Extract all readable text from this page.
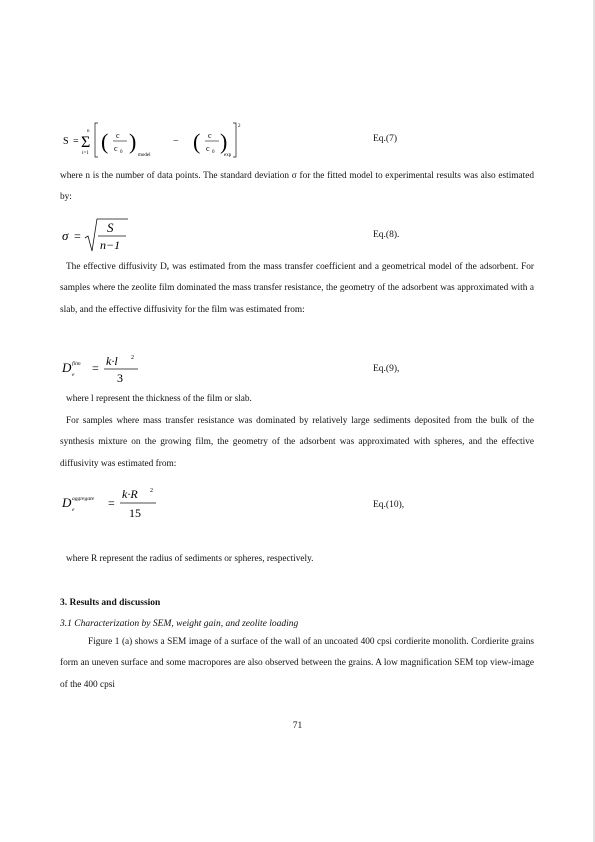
S =
n
Σ
i=1
2
( c
c 0 )
model
− ( c
c 0 )
exp
Eq.(7)

where n is the number of data points. The standard deviation σ for the fitted model to experimental results was also estimated by:

σ =
S
n−1
Eq.(8).

The effective diffusivity Dₑ was estimated from the mass transfer coefficient and a geometrical model of the adsorbent. For samples where the zeolite film dominated the mass transfer resistance, the geometry of the adsorbent was approximated with a slab, and the effective diffusivity for the film was estimated from:

D film
e = k·l 2
3
Eq.(9),

where l represent the thickness of the film or slab.

For samples where mass transfer resistance was dominated by relatively large sediments deposited from the bulk of the synthesis mixture on the growing film, the geometry of the adsorbent was approximated with spheres, and the effective diffusivity was estimated from:

D aggregate
e	=
k·R 2
15
Eq.(10),

where R represent the radius of sediments or spheres, respectively.

3. Results and discussion
3.1 Characterization by SEM, weight gain, and zeolite loading

Figure 1 (a) shows a SEM image of a surface of the wall of an uncoated 400 cpsi cordierite monolith. Cordierite grains form an uneven surface and some macropores are also observed between the grains. A low magnification SEM top view-image of the 400 cpsi

71
